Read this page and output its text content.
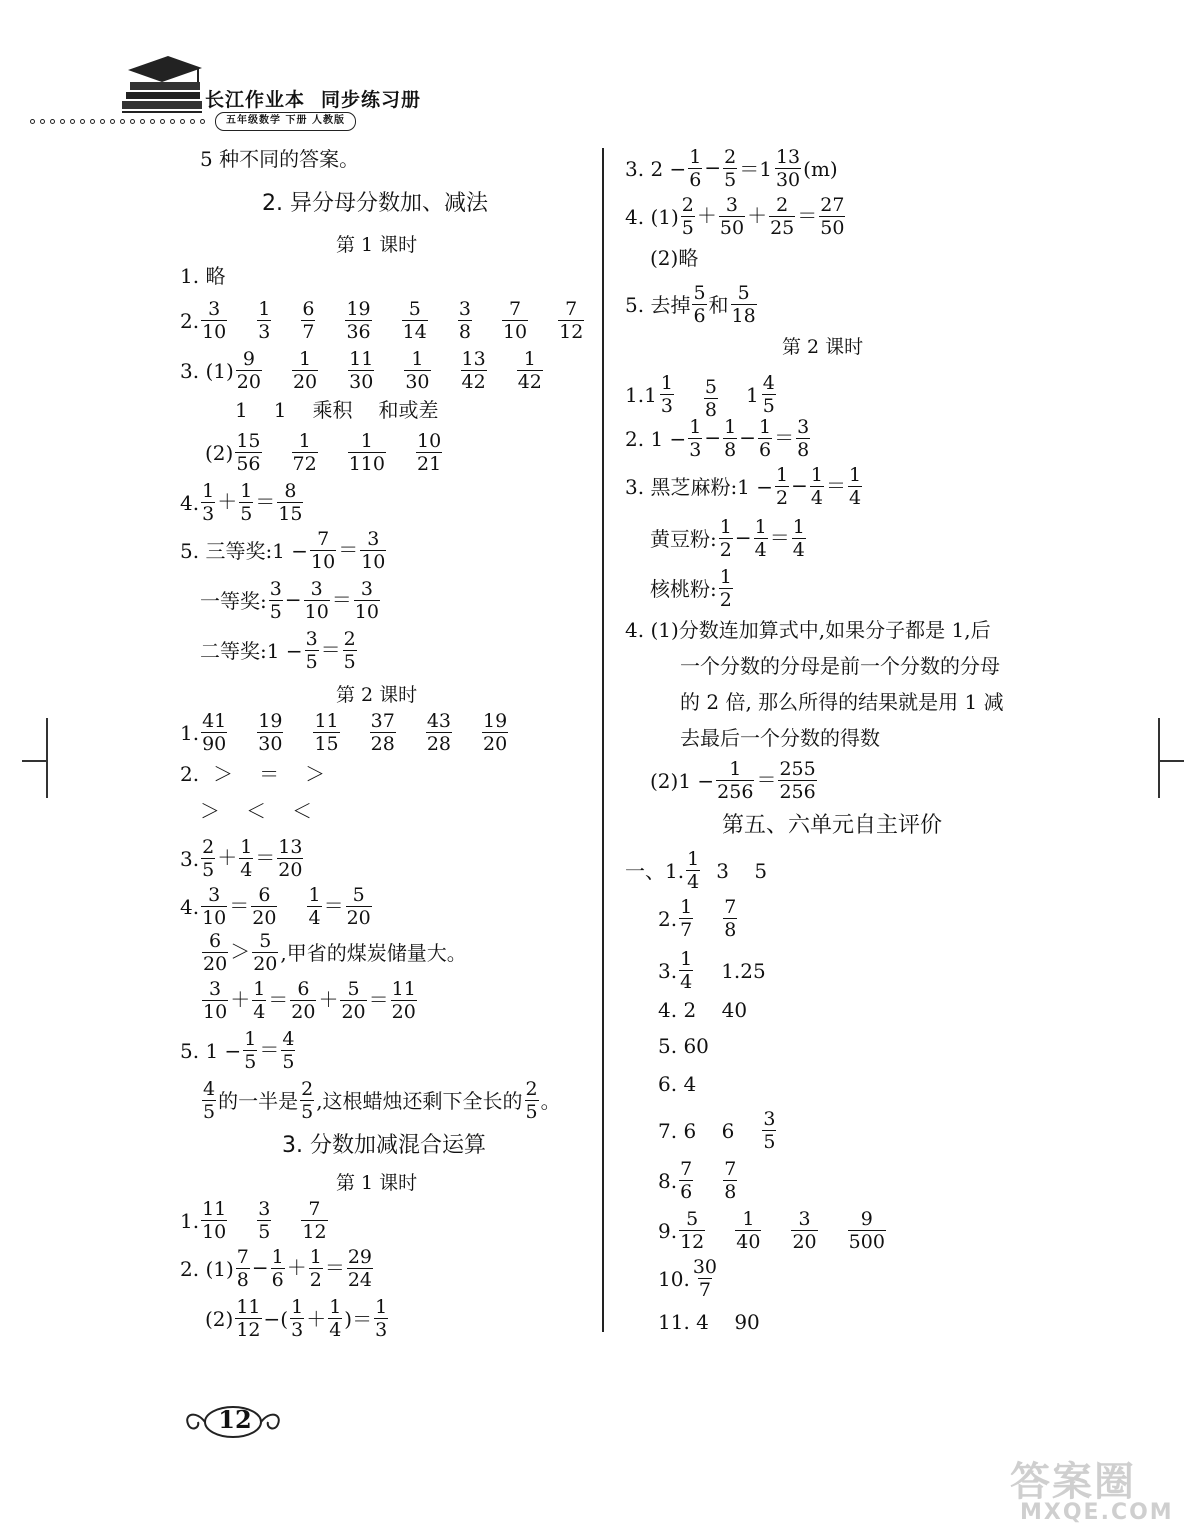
长江作业本 同步练习册
五年级数学 下册 人教版
5 种不同的答案。
2. 异分母分数加、减法
第 1 课时
1. 略
2. $\frac{3}{10} \frac{1}{3} \frac{6}{7} \frac{19}{36} \frac{5}{14} \frac{3}{8} \frac{7}{10} \frac{7}{12}$
3. $(1) \frac{9}{20} \frac{1}{20} \frac{11}{30} \frac{1}{30} \frac{13}{42} \frac{1}{42}$
1 1 乘积 和或差
$(2) \frac{15}{56} \frac{1}{72} \frac{1}{110} \frac{10}{21}$
4. $\frac{1}{3} + \frac{1}{5} = \frac{8}{15}$
5. 三等奖:1 − $\frac{7}{10} = \frac{3}{10}$
一等奖: $\frac{3}{5} - \frac{3}{10} = \frac{3}{10}$
二等奖:1 − $\frac{3}{5} = \frac{2}{5}$
第 2 课时
1. $\frac{41}{90} \frac{19}{30} \frac{11}{15} \frac{37}{28} \frac{43}{28} \frac{19}{20}$
2. ＞ ＝ ＞
＞ ＜ ＜
3. $\frac{2}{5} + \frac{1}{4} = \frac{13}{20}$
4. $\frac{3}{10} = \frac{6}{20} \frac{1}{4} = \frac{5}{20}$
$\frac{6}{20} > \frac{5}{20}$ ,甲省的煤炭储量大。
$\frac{3}{10} + \frac{1}{4} = \frac{6}{20} + \frac{5}{20} = \frac{11}{20}$
5. $1 - \frac{1}{5} = \frac{4}{5}$
$\frac{4}{5}$ 的一半是 $\frac{2}{5}$ ,这根蜡烛还剩下全长的 $\frac{2}{5}$ 。
3. 分数加减混合运算
第 1 课时
1. $\frac{11}{10} \frac{3}{5} \frac{7}{12}$
2. $(1) \frac{7}{8} - \frac{1}{6} + \frac{1}{2} = \frac{29}{24}$
$(2) \frac{11}{12}$ −( $\frac{1}{3} + \frac{1}{4}$ )＝ $\frac{1}{3}$
3. $2 - \frac{1}{6} - \frac{2}{5} = 1 \frac{13}{30} (m)$
4. $(1) \frac{2}{5} + \frac{3}{50} + \frac{2}{25} = \frac{27}{50}$
(2)略
5. 去掉 $\frac{5}{6}$ 和 $\frac{5}{18}$
第 2 课时
1. $1 \frac{1}{3} \frac{5}{8} 1 \frac{4}{5}$
2. $1 - \frac{1}{3} - \frac{1}{8} - \frac{1}{6} = \frac{3}{8}$
3. 黑芝麻粉:1 − $\frac{1}{2} - \frac{1}{4} = \frac{1}{4}$
黄豆粉: $\frac{1}{2} - \frac{1}{4} = \frac{1}{4}$
核桃粉: $\frac{1}{2}$
4. (1)分数连加算式中,如果分子都是 1,后
一个分数的分母是前一个分数的分母
的 2 倍, 那么所得的结果就是用 1 减
去最后一个分数的得数
$(2)1 - \frac{1}{256} = \frac{255}{256}$
第五、六单元自主评价
一、1. $\frac{1}{4} 3$    5
2. $\frac{1}{7} \frac{7}{8}$
3. $\frac{1}{4} 1.25$
4. 2    40
5. 60
6. 4
7. 6    $6 \frac{3}{5}$
8. $\frac{7}{6} \frac{7}{8}$
9. $\frac{5}{12} \frac{1}{40} \frac{3}{20} \frac{9}{500}$
10. $\frac{30}{7}$
11. 4    90
12
答案圈
MXQE.COM
